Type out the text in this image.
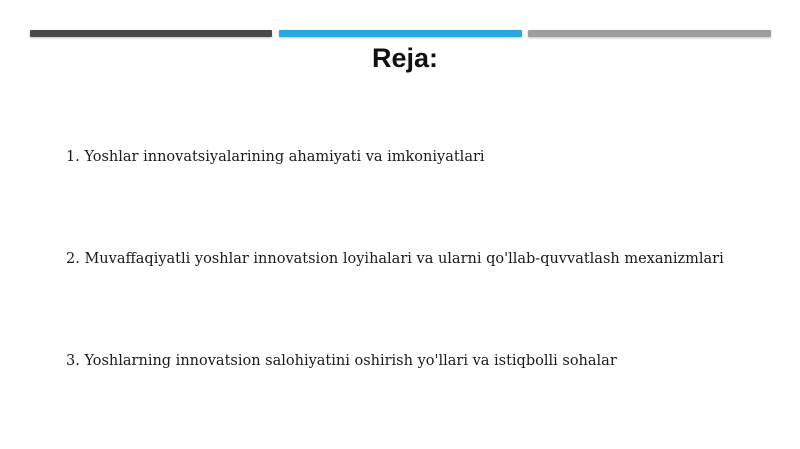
Reja:
1. Yoshlar innovatsiyalarining ahamiyati va imkoniyatlari
2. Muvaffaqiyatli yoshlar innovatsion loyihalari va ularni qo'llab-quvvatlash mexanizmlari
3. Yoshlarning innovatsion salohiyatini oshirish yo'llari va istiqbolli sohalar
